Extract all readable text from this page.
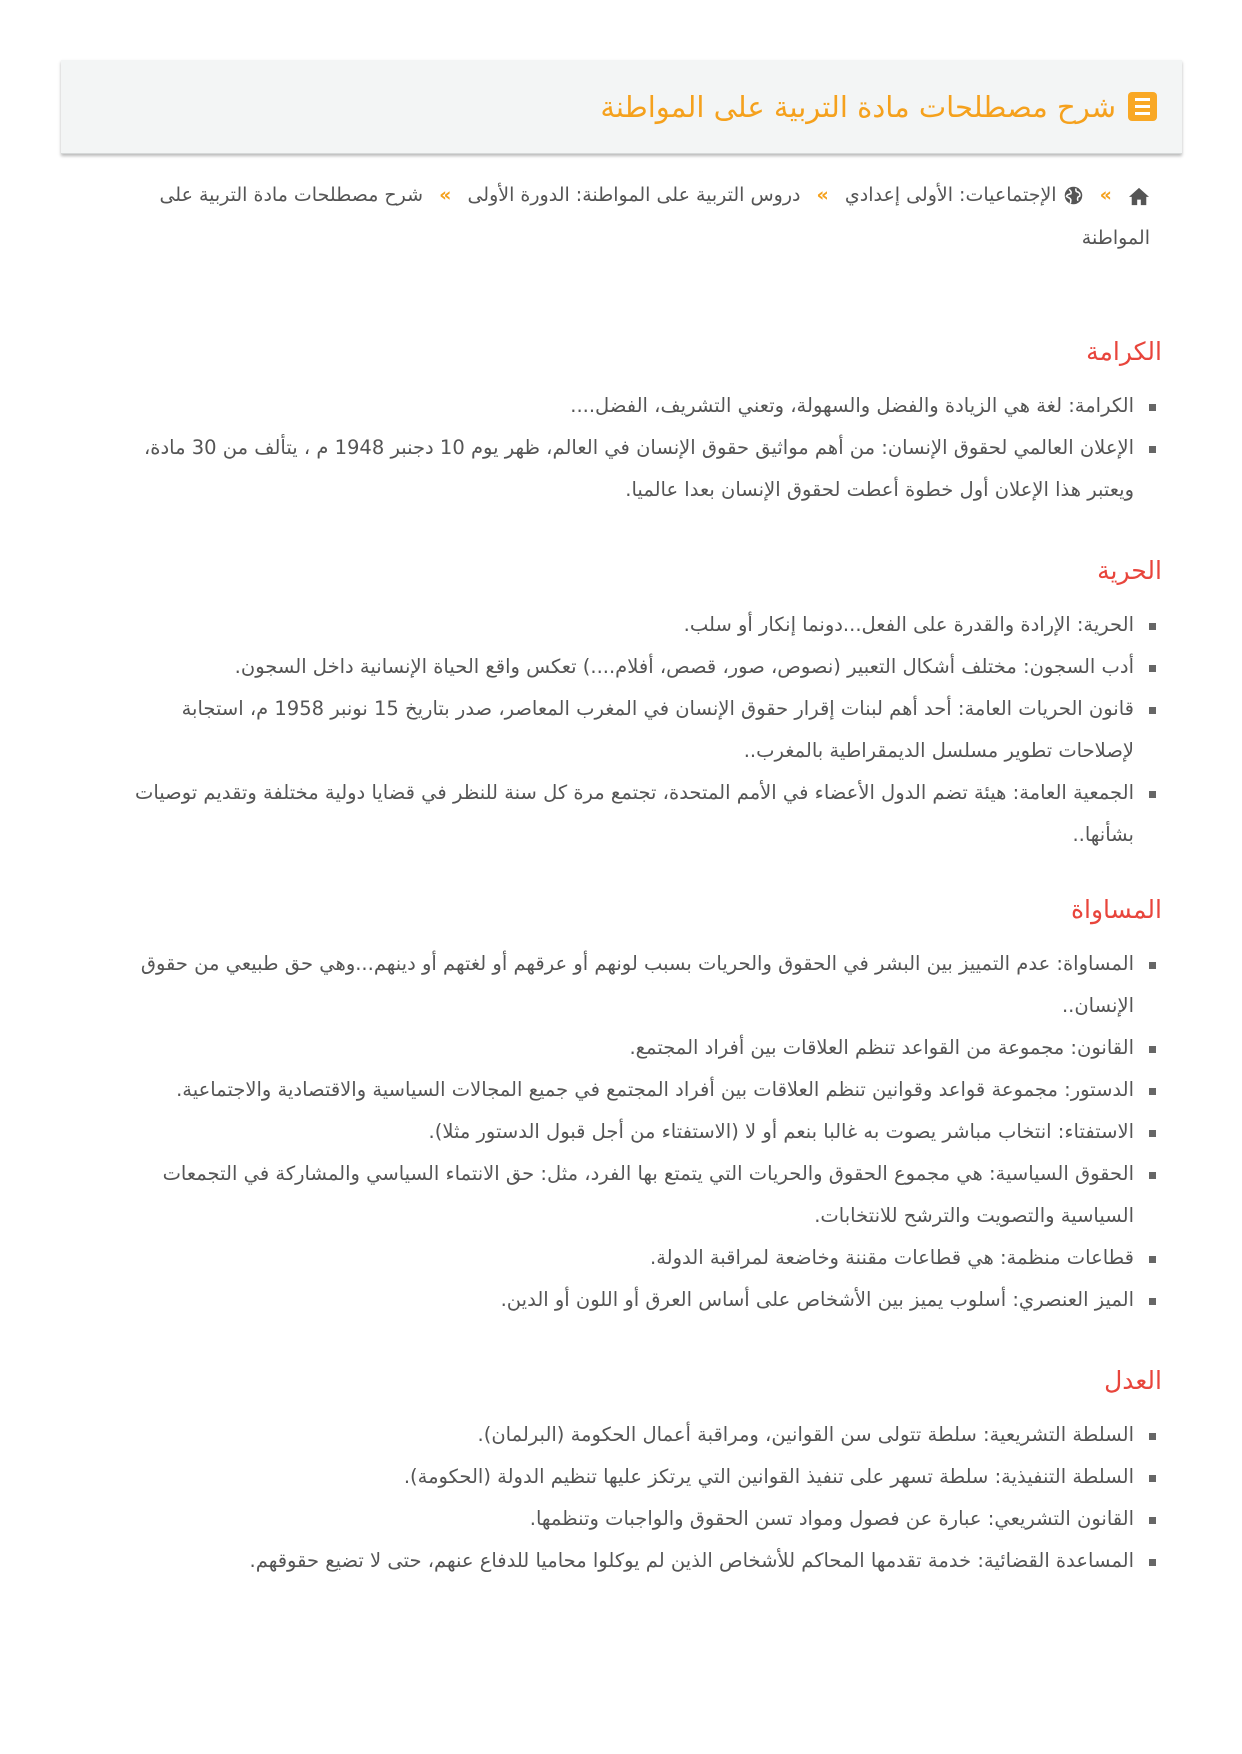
شرح مصطلحات مادة التربية على المواطنة
»  الإجتماعيات: الأولى إعدادي » دروس التربية على المواطنة: الدورة الأولى » شرح مصطلحات مادة التربية على المواطنة
الكرامة
الكرامة: لغة هي الزيادة والفضل والسهولة، وتعني التشريف، الفضل....
الإعلان العالمي لحقوق الإنسان: من أهم مواثيق حقوق الإنسان في العالم، ظهر يوم 10 دجنبر 1948 م ، يتألف من 30 مادة، ويعتبر هذا الإعلان أول خطوة أعطت لحقوق الإنسان بعدا عالميا.
الحرية
الحرية: الإرادة والقدرة على الفعل...دونما إنكار أو سلب.
أدب السجون: مختلف أشكال التعبير (نصوص، صور، قصص، أفلام....) تعكس واقع الحياة الإنسانية داخل السجون.
قانون الحريات العامة: أحد أهم لبنات إقرار حقوق الإنسان في المغرب المعاصر، صدر بتاريخ 15 نونبر 1958 م، استجابة لإصلاحات تطوير مسلسل الديمقراطية بالمغرب..
الجمعية العامة: هيئة تضم الدول الأعضاء في الأمم المتحدة، تجتمع مرة كل سنة للنظر في قضايا دولية مختلفة وتقديم توصيات بشأنها..
المساواة
المساواة: عدم التمييز بين البشر في الحقوق والحريات بسبب لونهم أو عرقهم أو لغتهم أو دينهم...وهي حق طبيعي من حقوق الإنسان..
القانون: مجموعة من القواعد تنظم العلاقات بين أفراد المجتمع.
الدستور: مجموعة قواعد وقوانين تنظم العلاقات بين أفراد المجتمع في جميع المجالات السياسية والاقتصادية والاجتماعية.
الاستفتاء: انتخاب مباشر يصوت به غالبا بنعم أو لا (الاستفتاء من أجل قبول الدستور مثلا).
الحقوق السياسية: هي مجموع الحقوق والحريات التي يتمتع بها الفرد، مثل: حق الانتماء السياسي والمشاركة في التجمعات السياسية والتصويت والترشح للانتخابات.
قطاعات منظمة: هي قطاعات مقننة وخاضعة لمراقبة الدولة.
الميز العنصري: أسلوب يميز بين الأشخاص على أساس العرق أو اللون أو الدين.
العدل
السلطة التشريعية: سلطة تتولى سن القوانين، ومراقبة أعمال الحكومة (البرلمان).
السلطة التنفيذية: سلطة تسهر على تنفيذ القوانين التي يرتكز عليها تنظيم الدولة (الحكومة).
القانون التشريعي: عبارة عن فصول ومواد تسن الحقوق والواجبات وتنظمها.
المساعدة القضائية: خدمة تقدمها المحاكم للأشخاص الذين لم يوكلوا محاميا للدفاع عنهم، حتى لا تضيع حقوقهم.
